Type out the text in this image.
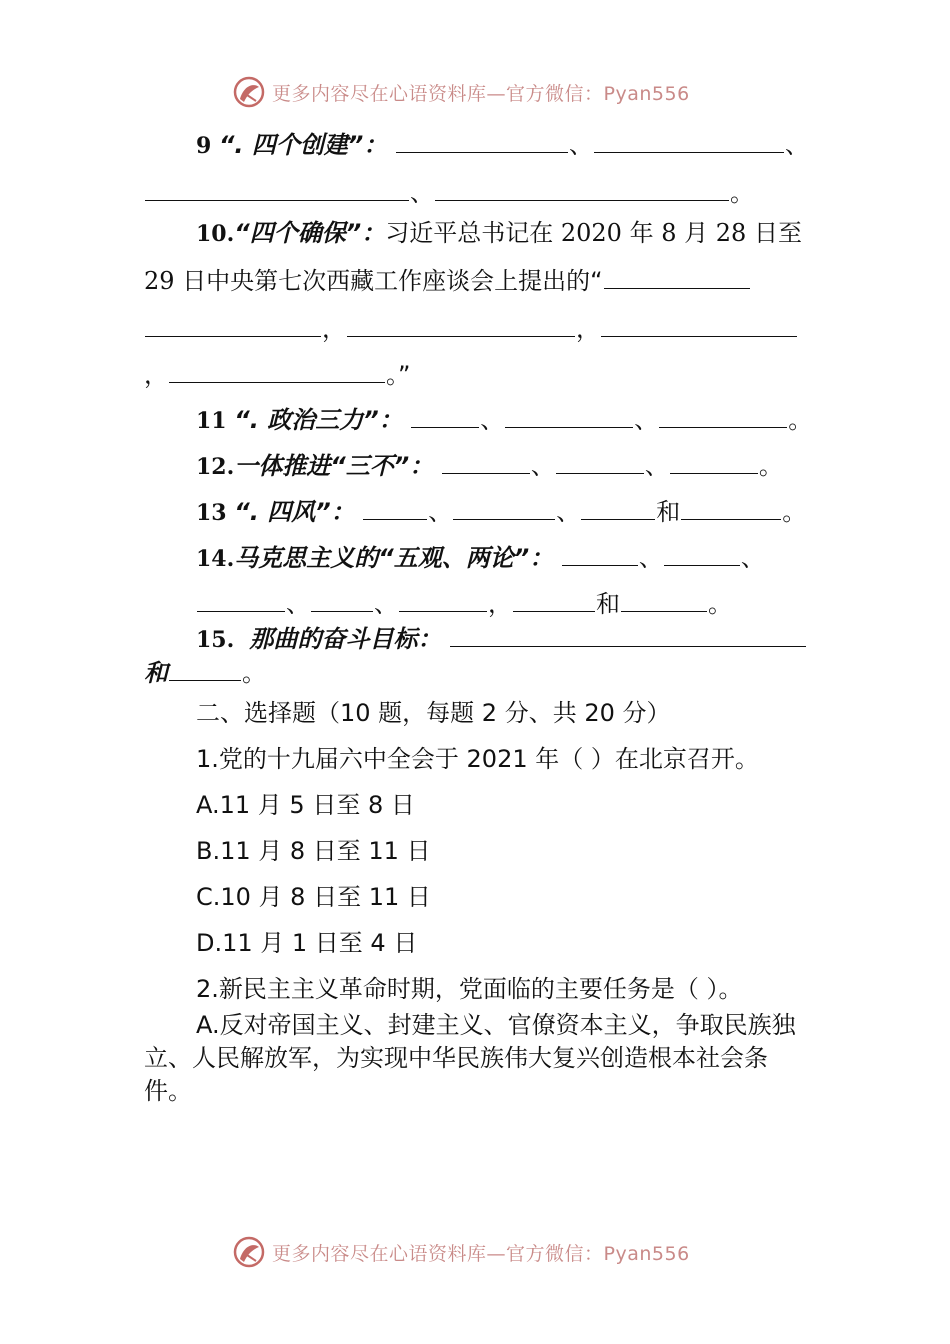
更多内容尽在心语资料库—官方微信：Pyan556
9 “. 四个创建”：	、	、
、	。
10.“四个确保”：习近平总书记在 2020 年 8 月 28 日至
29 日中央第七次西藏工作座谈会上提出的“
，	，
，	。”
11 “. 政治三力”：	、	、	。
12.一体推进“三不”：	、	、	。
13 “. 四风”：	、	、	和	。
14.马克思主义的“五观、两论”：	、	、
、	、	，	和	。
15. 那曲的奋斗目标：
和	。
二、选择题（10 题，每题 2 分、共 20 分）
1.党的十九届六中全会于 2021 年（ ）在北京召开。
A.11 月 5 日至 8 日
B.11 月 8 日至 11 日
C.10 月 8 日至 11 日
D.11 月 1 日至 4 日
2.新民主主义革命时期，党面临的主要任务是（ ）。
A.反对帝国主义、封建主义、官僚资本主义，争取民族独立、人民解放军，为实现中华民族伟大复兴创造根本社会条件。
更多内容尽在心语资料库—官方微信：Pyan556
